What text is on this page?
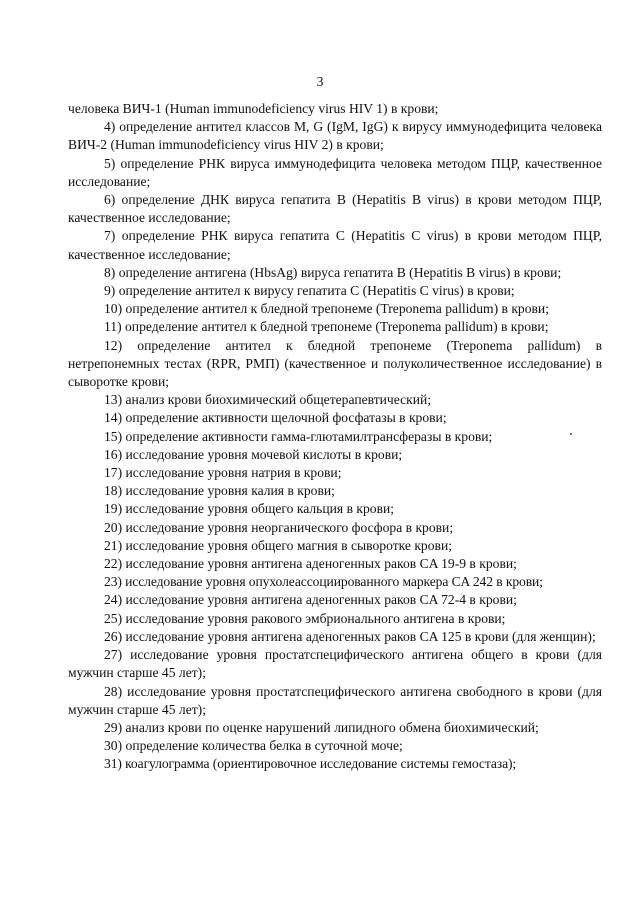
3

человека ВИЧ-1 (Human immunodeficiency virus HIV 1) в крови;

4) определение антител классов M, G (IgM, IgG) к вирусу иммунодефицита человека ВИЧ-2 (Human immunodeficiency virus HIV 2) в крови;

5) определение РНК вируса иммунодефицита человека методом ПЦР, качественное исследование;

6) определение ДНК вируса гепатита B (Hepatitis B virus) в крови методом ПЦР, качественное исследование;

7) определение РНК вируса гепатита C (Hepatitis C virus) в крови методом ПЦР, качественное исследование;

8) определение антигена (HbsAg) вируса гепатита B (Hepatitis B virus) в крови;

9) определение антител к вирусу гепатита C (Hepatitis C virus) в крови;

10) определение антител к бледной трепонеме (Treponema pallidum) в крови;

11) определение антител к бледной трепонеме (Treponema pallidum) в крови;

12) определение антител к бледной трепонеме (Treponema pallidum) в нетрепонемных тестах (RPR, РМП) (качественное и полуколичественное исследование) в сыворотке крови;

13) анализ крови биохимический общетерапевтический;

14) определение активности щелочной фосфатазы в крови;

15) определение активности гамма-глютамилтрансферазы в крови;

16) исследование уровня мочевой кислоты в крови;

17) исследование уровня натрия в крови;

18) исследование уровня калия в крови;

19) исследование уровня общего кальция в крови;

20) исследование уровня неорганического фосфора в крови;

21) исследование уровня общего магния в сыворотке крови;

22) исследование уровня антигена аденогенных раков CA 19-9 в крови;

23) исследование уровня опухолеассоциированного маркера CA 242 в крови;

24) исследование уровня антигена аденогенных раков CA 72-4 в крови;

25) исследование уровня ракового эмбрионального антигена в крови;

26) исследование уровня антигена аденогенных раков CA 125 в крови (для женщин);

27) исследование уровня простатспецифического антигена общего в крови (для мужчин старше 45 лет);

28) исследование уровня простатспецифического антигена свободного в крови (для мужчин старше 45 лет);

29) анализ крови по оценке нарушений липидного обмена биохимический;

30) определение количества белка в суточной моче;

31) коагулограмма (ориентировочное исследование системы гемостаза);
